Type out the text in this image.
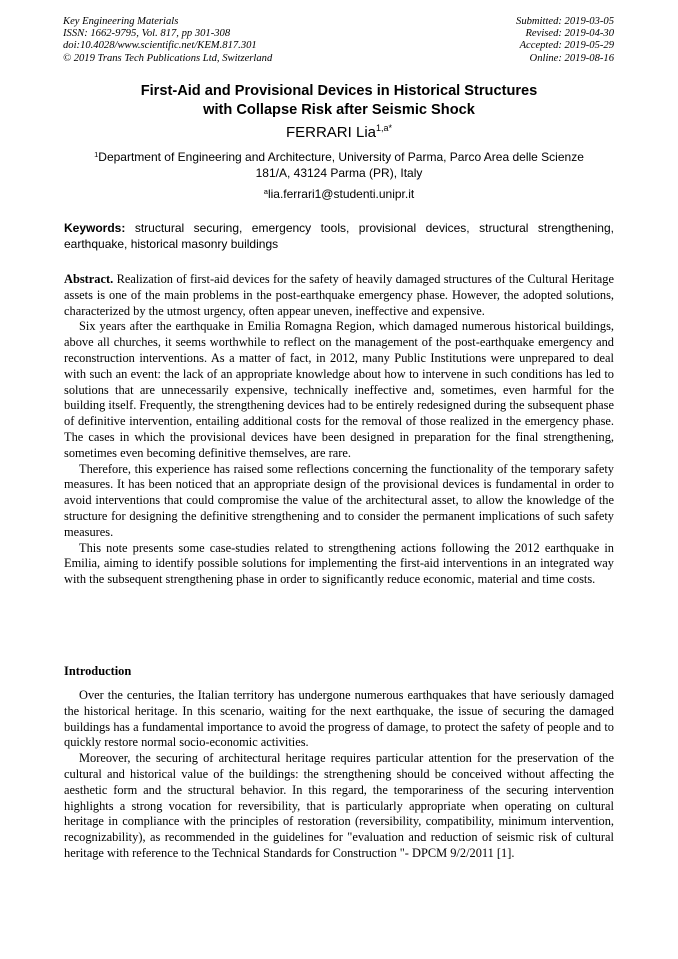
Key Engineering Materials
ISSN: 1662-9795, Vol. 817, pp 301-308
doi:10.4028/www.scientific.net/KEM.817.301
© 2019 Trans Tech Publications Ltd, Switzerland
Submitted: 2019-03-05
Revised: 2019-04-30
Accepted: 2019-05-29
Online: 2019-08-16
First-Aid and Provisional Devices in Historical Structures
with Collapse Risk after Seismic Shock
FERRARI Lia$^{1,a*}$
$^1$Department of Engineering and Architecture, University of Parma, Parco Area delle Scienze
181/A, 43124 Parma (PR), Italy
$^a$lia.ferrari1@studenti.unipr.it
Keywords: structural securing, emergency tools, provisional devices, structural strengthening, earthquake, historical masonry buildings

Abstract. Realization of first-aid devices for the safety of heavily damaged structures of the Cultural Heritage assets is one of the main problems in the post-earthquake emergency phase. However, the adopted solutions, characterized by the utmost urgency, often appear uneven, ineffective and expensive.

Six years after the earthquake in Emilia Romagna Region, which damaged numerous historical buildings, above all churches, it seems worthwhile to reflect on the management of the post-earthquake emergency and reconstruction interventions. As a matter of fact, in 2012, many Public Institutions were unprepared to deal with such an event: the lack of an appropriate knowledge about how to intervene in such conditions has led to solutions that are unnecessarily expensive, technically ineffective and, sometimes, even harmful for the building itself. Frequently, the strengthening devices had to be entirely redesigned during the subsequent phase of definitive intervention, entailing additional costs for the removal of those realized in the emergency phase. The cases in which the provisional devices have been designed in preparation for the final strengthening, sometimes even becoming definitive themselves, are rare.

Therefore, this experience has raised some reflections concerning the functionality of the temporary safety measures. It has been noticed that an appropriate design of the provisional devices is fundamental in order to avoid interventions that could compromise the value of the architectural asset, to allow the knowledge of the structure for designing the definitive strengthening and to consider the permanent implications of such safety measures.

This note presents some case-studies related to strengthening actions following the 2012 earthquake in Emilia, aiming to identify possible solutions for implementing the first-aid interventions in an integrated way with the subsequent strengthening phase in order to significantly reduce economic, material and time costs.

Introduction

Over the centuries, the Italian territory has undergone numerous earthquakes that have seriously damaged the historical heritage. In this scenario, waiting for the next earthquake, the issue of securing the damaged buildings has a fundamental importance to avoid the progress of damage, to protect the safety of people and to quickly restore normal socio-economic activities.

Moreover, the securing of architectural heritage requires particular attention for the preservation of the cultural and historical value of the buildings: the strengthening should be conceived without affecting the aesthetic form and the structural behavior. In this regard, the temporariness of the securing intervention highlights a strong vocation for reversibility, that is particularly appropriate when operating on cultural heritage in compliance with the principles of restoration (reversibility, compatibility, minimum intervention, recognizability), as recommended in the guidelines for "evaluation and reduction of seismic risk of cultural heritage with reference to the Technical Standards for Construction "- DPCM 9/2/2011 [1].
